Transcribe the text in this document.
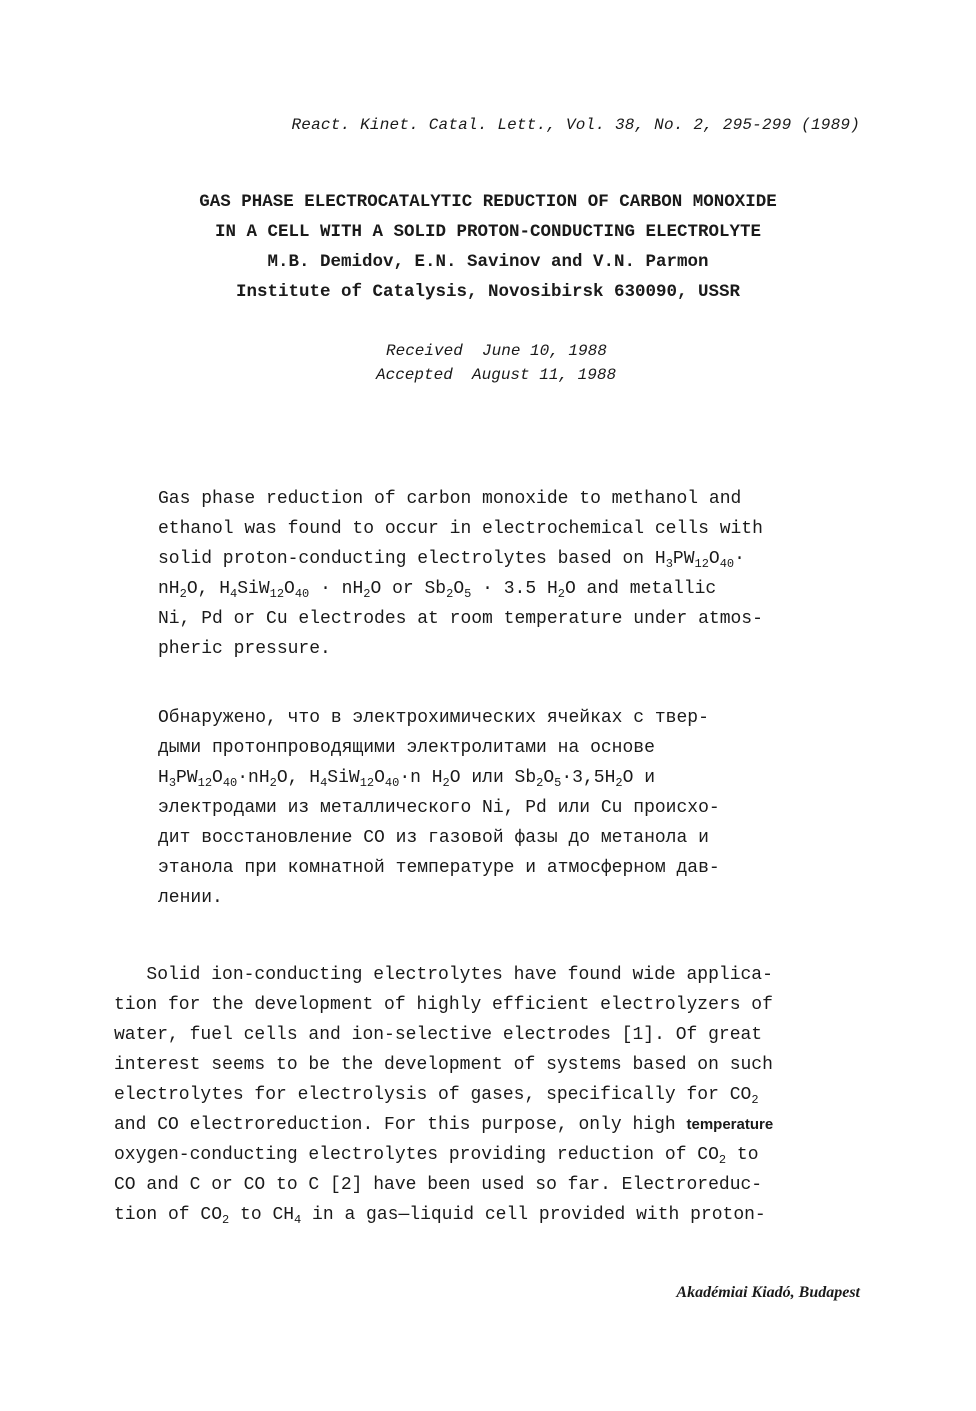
React. Kinet. Catal. Lett., Vol. 38, No. 2, 295-299 (1989)
GAS PHASE ELECTROCATALYTIC REDUCTION OF CARBON MONOXIDE
IN A CELL WITH A SOLID PROTON-CONDUCTING ELECTROLYTE
M.B. Demidov, E.N. Savinov and V.N. Parmon
Institute of Catalysis, Novosibirsk 630090, USSR
Received  June 10, 1988
Accepted  August 11, 1988
Gas phase reduction of carbon monoxide to methanol and
ethanol was found to occur in electrochemical cells with
solid proton-conducting electrolytes based on $H_3PW_{12}O_{40}\cdot$
$nH_2O$, $H_4SiW_{12}O_{40} \cdot nH_2O$ or $Sb_2O_5 \cdot 3.5$ $H_2O$ and metallic
Ni, Pd or Cu electrodes at room temperature under atmos-
pheric pressure.
Обнаружено, что в электрохимических ячейках с твер-
дыми протонпроводящими электролитами на основе
$H_3PW_{12}O_{40}\cdot nH_2O$, $H_4SiW_{12}O_{40}\cdot n$ $H_2O$ или $Sb_2O_5\cdot 3,5H_2O$ и
электродами из металлического Ni, Pd или Cu происхо-
дит восстановление CO из газовой фазы до метанола и
этанола при комнатной температуре и атмосферном дав-
лении.
Solid ion-conducting electrolytes have found wide applica-
tion for the development of highly efficient electrolyzers of
water, fuel cells and ion-selective electrodes [1]. Of great
interest seems to be the development of systems based on such
electrolytes for electrolysis of gases, specifically for $CO_2$
and CO electroreduction. For this purpose, only high temperature
oxygen-conducting electrolytes providing reduction of $CO_2$ to
CO and C or CO to C [2] have been used so far. Electroreduc-
tion of $CO_2$ to $CH_4$ in a gas—liquid cell provided with proton-
Akadémiai Kiadó, Budapest
